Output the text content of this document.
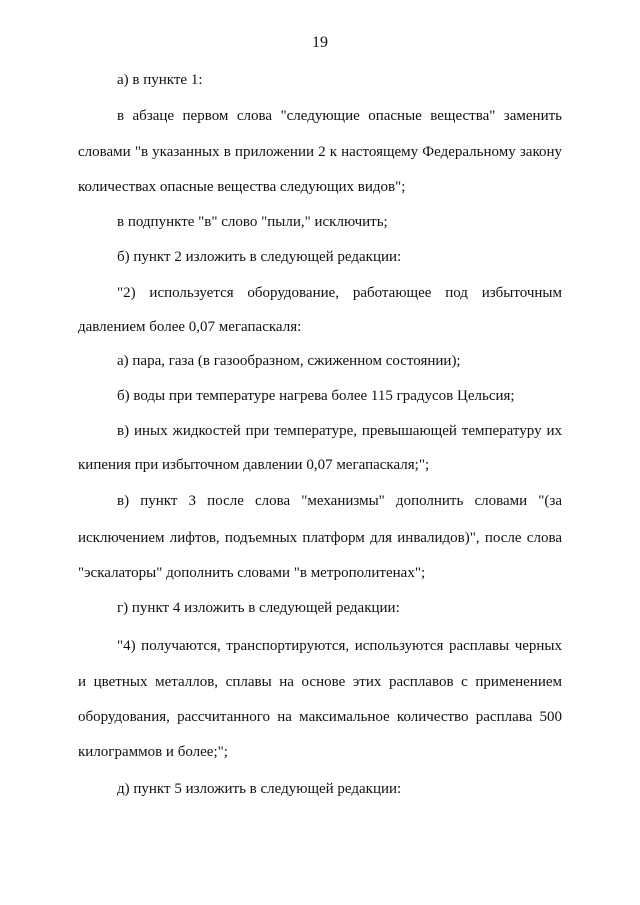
19
а) в пункте 1:
в абзаце первом слова "следующие опасные вещества" заменить
словами "в указанных в приложении 2 к настоящему Федеральному закону
количествах опасные вещества следующих видов";
в подпункте "в" слово "пыли," исключить;
б) пункт 2 изложить в следующей редакции:
"2) используется оборудование, работающее под избыточным
давлением более 0,07 мегапаскаля:
а) пара, газа (в газообразном, сжиженном состоянии);
б) воды при температуре нагрева более 115 градусов Цельсия;
в) иных жидкостей при температуре, превышающей температуру их
кипения при избыточном давлении 0,07 мегапаскаля;";
в) пункт 3 после слова "механизмы" дополнить словами "(за
исключением лифтов, подъемных платформ для инвалидов)", после слова
"эскалаторы" дополнить словами "в метрополитенах";
г) пункт 4 изложить в следующей редакции:
"4) получаются, транспортируются, используются расплавы черных
и цветных металлов, сплавы на основе этих расплавов с применением
оборудования, рассчитанного на максимальное количество расплава 500
килограммов и более;";
д) пункт 5 изложить в следующей редакции:
